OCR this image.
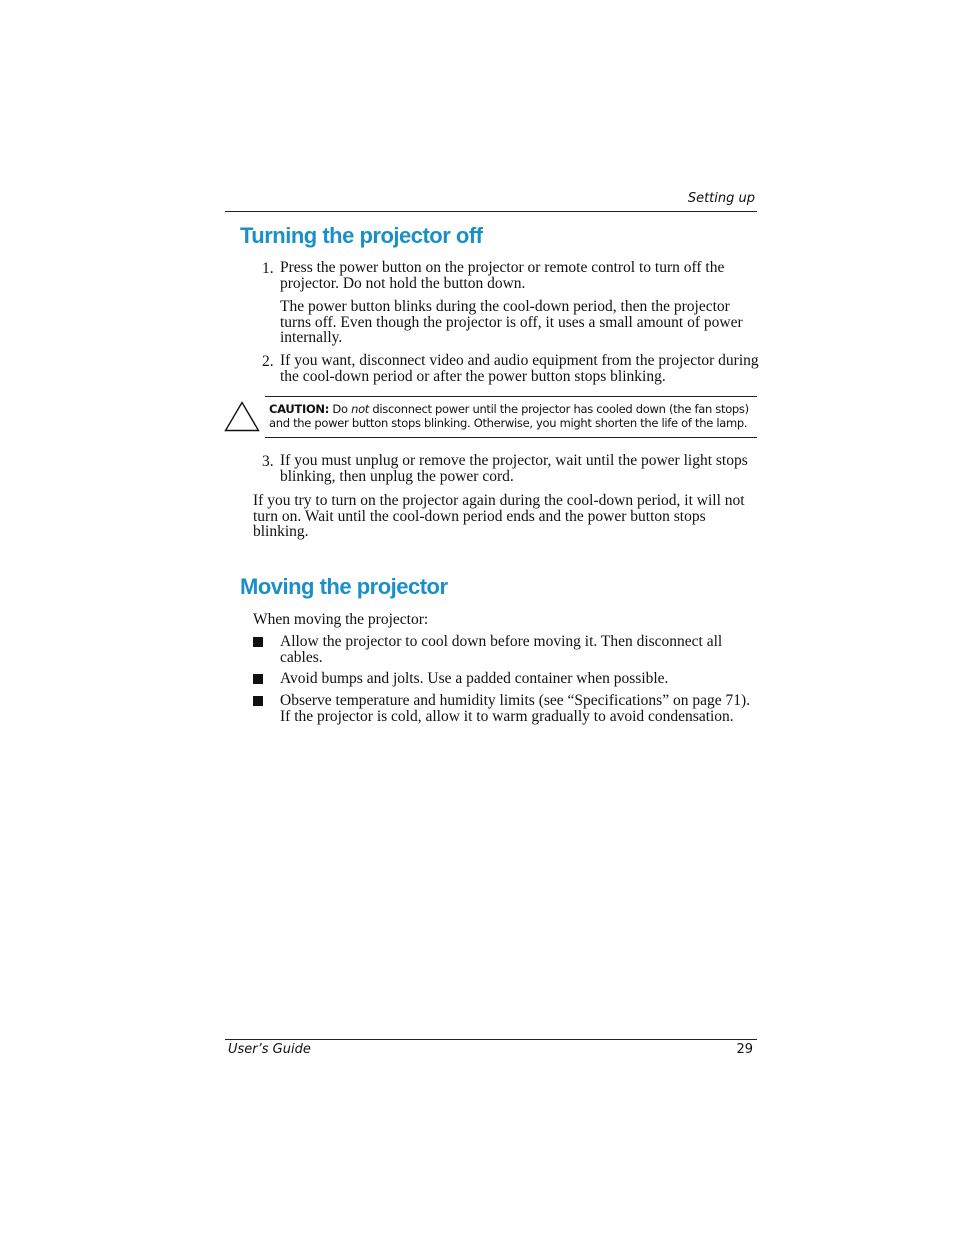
Setting up
Turning the projector off
1. Press the power button on the projector or remote control to turn off the
projector. Do not hold the button down.
The power button blinks during the cool-down period, then the projector
turns off. Even though the projector is off, it uses a small amount of power
internally.
2. If you want, disconnect video and audio equipment from the projector during
the cool-down period or after the power button stops blinking.
CAUTION: Do not disconnect power until the projector has cooled down (the fan stops)
and the power button stops blinking. Otherwise, you might shorten the life of the lamp.
3. If you must unplug or remove the projector, wait until the power light stops
blinking, then unplug the power cord.
If you try to turn on the projector again during the cool-down period, it will not
turn on. Wait until the cool-down period ends and the power button stops
blinking.
Moving the projector
When moving the projector:
Allow the projector to cool down before moving it. Then disconnect all
cables.
Avoid bumps and jolts. Use a padded container when possible.
Observe temperature and humidity limits (see “Specifications” on page 71).
If the projector is cold, allow it to warm gradually to avoid condensation.
User’s Guide	29
